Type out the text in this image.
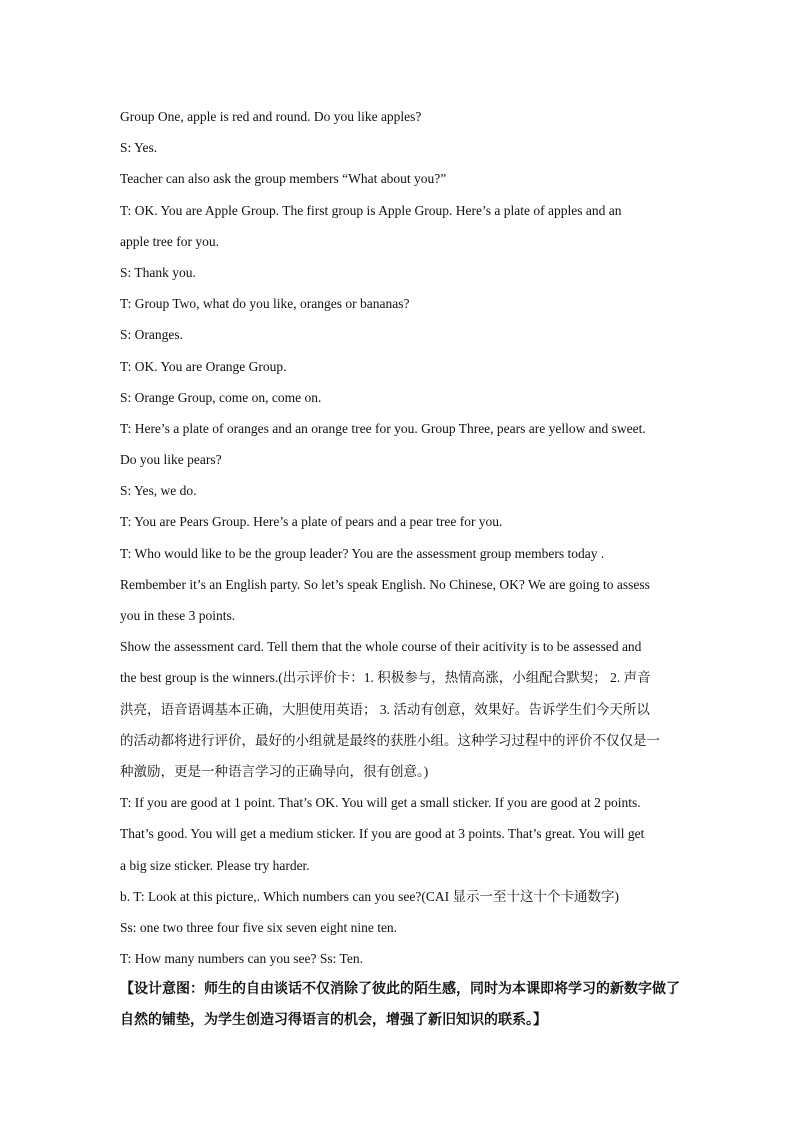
Group One, apple is red and round. Do you like apples?
S: Yes.
Teacher can also ask the group members “What about you?”
T: OK. You are Apple Group. The first group is Apple Group. Here’s a plate of apples and an
apple tree for you.
S: Thank you.
T: Group Two, what do you like, oranges or bananas?
S: Oranges.
T: OK. You are Orange Group.
S: Orange Group, come on, come on.
T: Here’s a plate of oranges and an orange tree for you. Group Three, pears are yellow and sweet.
Do you like pears?
S: Yes, we do.
T: You are Pears Group. Here’s a plate of pears and a pear tree for you.
T: Who would like to be the group leader? You are the assessment group members today .
Rembember it’s an English party. So let’s speak English. No Chinese, OK? We are going to assess
you in these 3 points.
Show the assessment card. Tell them that the whole course of their acitivity is to be assessed and
the best group is the winners.(出示评价卡：1. 积极参与，热情高涨，小组配合默契； 2. 声音
洪亮，语音语调基本正确，大胆使用英语； 3. 活动有创意，效果好。告诉学生们今天所以
的活动都将进行评价，最好的小组就是最终的获胜小组。这种学习过程中的评价不仅仅是一
种激励，更是一种语言学习的正确导向，很有创意。)
T: If you are good at 1 point. That’s OK. You will get a small sticker. If you are good at 2 points.
That’s good. You will get a medium sticker. If you are good at 3 points. That’s great. You will get
a big size sticker. Please try harder.
b. T: Look at this picture,. Which numbers can you see?(CAI 显示一至十这十个卡通数字)
Ss: one two three four five six seven eight nine ten.
T: How many numbers can you see? Ss: Ten.
【设计意图：师生的自由谈话不仅消除了彼此的陌生感，同时为本课即将学习的新数字做了
自然的铺垫，为学生创造习得语言的机会，增强了新旧知识的联系。】
